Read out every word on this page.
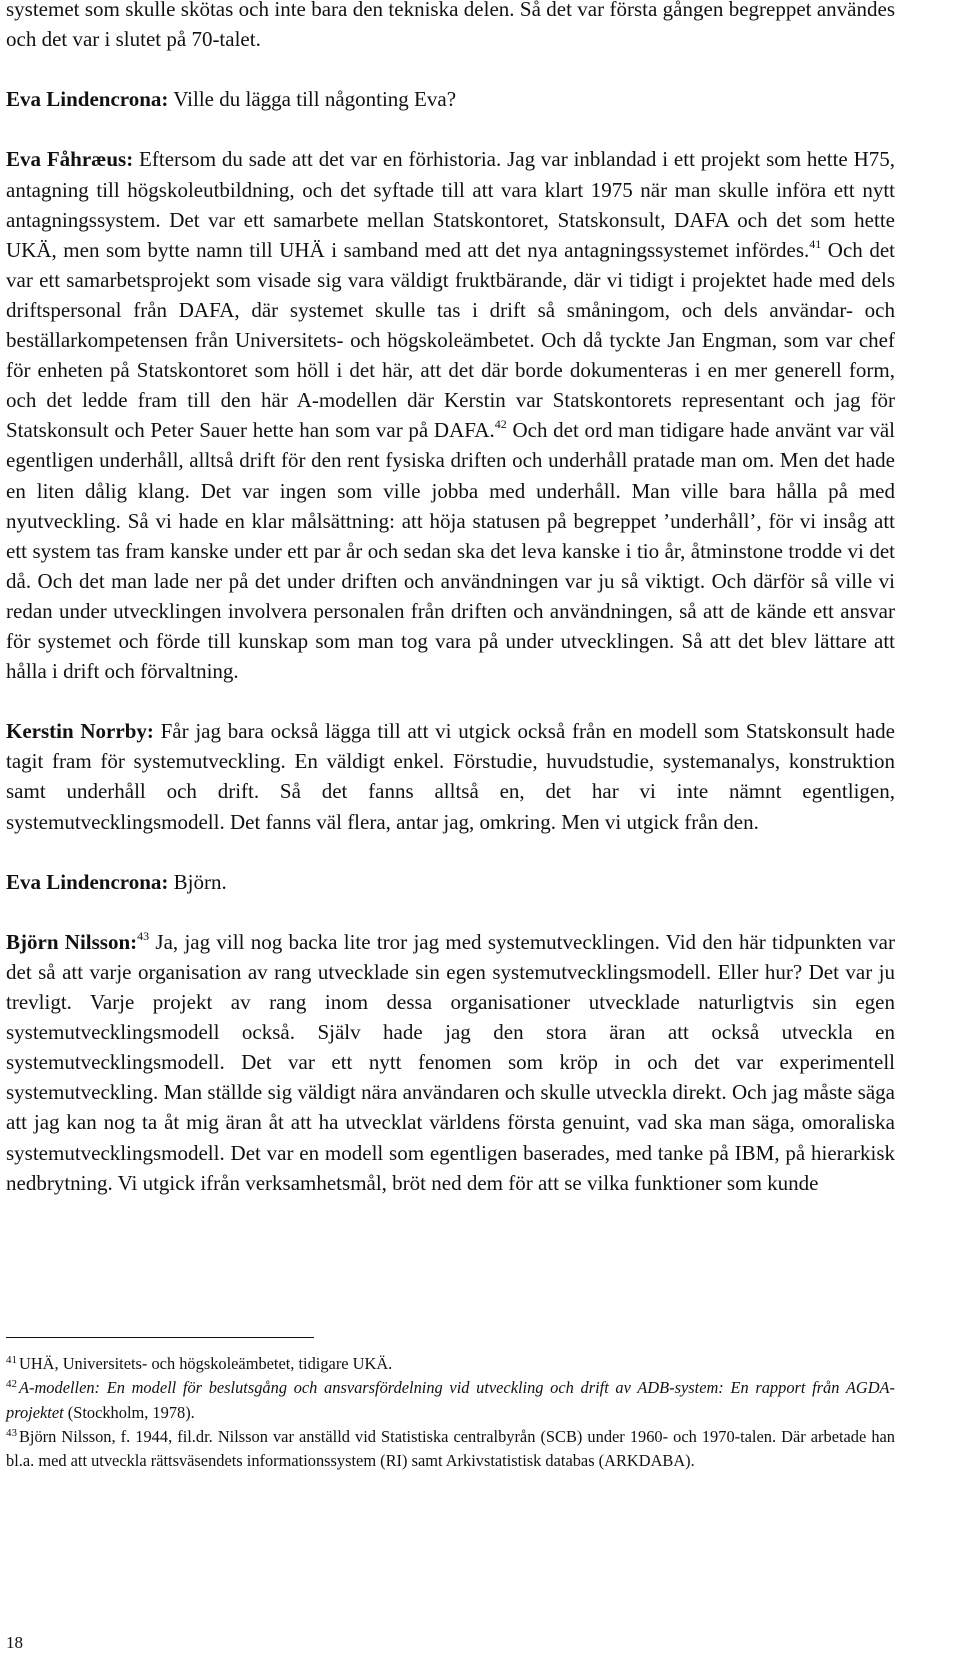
systemet som skulle skötas och inte bara den tekniska delen. Så det var första gången begreppet användes och det var i slutet på 70-talet.

Eva Lindencrona: Ville du lägga till någonting Eva?

Eva Fåhræus: Eftersom du sade att det var en förhistoria. Jag var inblandad i ett projekt som hette H75, antagning till högskoleutbildning, och det syftade till att vara klart 1975 när man skulle införa ett nytt antagningssystem. Det var ett samarbete mellan Statskontoret, Statskonsult, DAFA och det som hette UKÄ, men som bytte namn till UHÄ i samband med att det nya antagningssystemet infördes.$^{41}$ Och det var ett samarbetsprojekt som visade sig vara väldigt fruktbärande, där vi tidigt i projektet hade med dels driftspersonal från DAFA, där systemet skulle tas i drift så småningom, och dels användar- och beställarkompetensen från Universitets- och högskoleämbetet. Och då tyckte Jan Engman, som var chef för enheten på Statskontoret som höll i det här, att det där borde dokumenteras i en mer generell form, och det ledde fram till den här A-modellen där Kerstin var Statskontorets representant och jag för Statskonsult och Peter Sauer hette han som var på DAFA.$^{42}$ Och det ord man tidigare hade använt var väl egentligen underhåll, alltså drift för den rent fysiska driften och underhåll pratade man om. Men det hade en liten dålig klang. Det var ingen som ville jobba med underhåll. Man ville bara hålla på med nyutveckling. Så vi hade en klar målsättning: att höja statusen på begreppet ’underhåll’, för vi insåg att ett system tas fram kanske under ett par år och sedan ska det leva kanske i tio år, åtminstone trodde vi det då. Och det man lade ner på det under driften och användningen var ju så viktigt. Och därför så ville vi redan under utvecklingen involvera personalen från driften och användningen, så att de kände ett ansvar för systemet och förde till kunskap som man tog vara på under utvecklingen. Så att det blev lättare att hålla i drift och förvaltning.

Kerstin Norrby: Får jag bara också lägga till att vi utgick också från en modell som Statskonsult hade tagit fram för systemutveckling. En väldigt enkel. Förstudie, huvudstudie, systemanalys, konstruktion samt underhåll och drift. Så det fanns alltså en, det har vi inte nämnt egentligen, systemutvecklingsmodell. Det fanns väl flera, antar jag, omkring. Men vi utgick från den.

Eva Lindencrona: Björn.

Björn Nilsson:$^{43}$ Ja, jag vill nog backa lite tror jag med systemutvecklingen. Vid den här tidpunkten var det så att varje organisation av rang utvecklade sin egen systemutvecklingsmodell. Eller hur? Det var ju trevligt. Varje projekt av rang inom dessa organisationer utvecklade naturligtvis sin egen systemutvecklingsmodell också. Själv hade jag den stora äran att också utveckla en systemutvecklingsmodell. Det var ett nytt fenomen som kröp in och det var experimentell systemutveckling. Man ställde sig väldigt nära användaren och skulle utveckla direkt. Och jag måste säga att jag kan nog ta åt mig äran åt att ha utvecklat världens första genuint, vad ska man säga, omoraliska systemutvecklingsmodell. Det var en modell som egentligen baserades, med tanke på IBM, på hierarkisk nedbrytning. Vi utgick ifrån verksamhetsmål, bröt ned dem för att se vilka funktioner som kunde

$^{41}$ UHÄ, Universitets- och högskoleämbetet, tidigare UKÄ.

$^{42}$ A-modellen: En modell för beslutsgång och ansvarsfördelning vid utveckling och drift av ADB-system: En rapport från AGDA-projektet (Stockholm, 1978).

$^{43}$ Björn Nilsson, f. 1944, fil.dr. Nilsson var anställd vid Statistiska centralbyrån (SCB) under 1960- och 1970-talen. Där arbetade han bl.a. med att utveckla rättsväsendets informationssystem (RI) samt Arkivstatistisk databas (ARKDABA).

18
